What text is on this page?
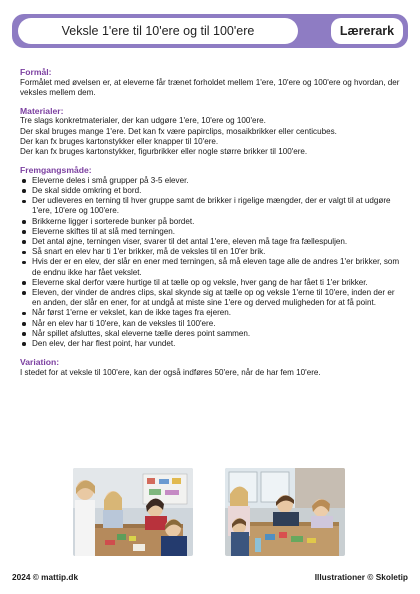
Veksle 1'ere til 10'ere og til 100'ere	Lærerark
Formål:
Formålet med øvelsen er, at eleverne får trænet forholdet mellem 1'ere, 10'ere og 100'ere og hvordan, der veksles mellem dem.
Materialer:
Tre slags konkretmaterialer, der kan udgøre 1'ere, 10'ere og 100'ere.
Der skal bruges mange 1'ere. Det kan fx være papirclips, mosaikbrikker eller centicubes.
Der kan fx bruges kartonstykker eller knapper til 10'ere.
Der kan fx bruges kartonstykker, figurbrikker eller nogle større brikker til 100'ere.
Fremgangsmåde:
Eleverne deles i små grupper på 3-5 elever.
De skal sidde omkring et bord.
Der udleveres en terning til hver gruppe samt de brikker i rigelige mængder, der er valgt til at udgøre 1'ere, 10'ere og 100'ere.
Brikkerne ligger i sorterede bunker på bordet.
Eleverne skiftes til at slå med terningen.
Det antal øjne, terningen viser, svarer til det antal 1'ere, eleven må tage fra fællespuljen.
Så snart en elev har ti 1'er brikker, må de veksles til en 10'er brik.
Hvis der er en elev, der slår en ener med terningen, så må eleven tage alle de andres 1'er brikker, som de endnu ikke har fået vekslet.
Eleverne skal derfor være hurtige til at tælle op og veksle, hver gang de har fået ti 1'er brikker.
Eleven, der vinder de andres clips, skal skynde sig at tælle op og veksle 1'erne til 10'ere, inden der er en anden, der slår en ener, for at undgå at miste sine 1'ere og derved muligheden for at få point.
Når først 1'erne er vekslet, kan de ikke tages fra ejeren.
Når en elev har ti 10'ere, kan de veksles til 100'ere.
Når spillet afsluttes, skal eleverne tælle deres point sammen.
Den elev, der har flest point, har vundet.
Variation:
I stedet for at veksle til 100'ere, kan der også indføres 50'ere, når de har fem 10'ere.
2024 © mattip.dk	Illustrationer © Skoletip
